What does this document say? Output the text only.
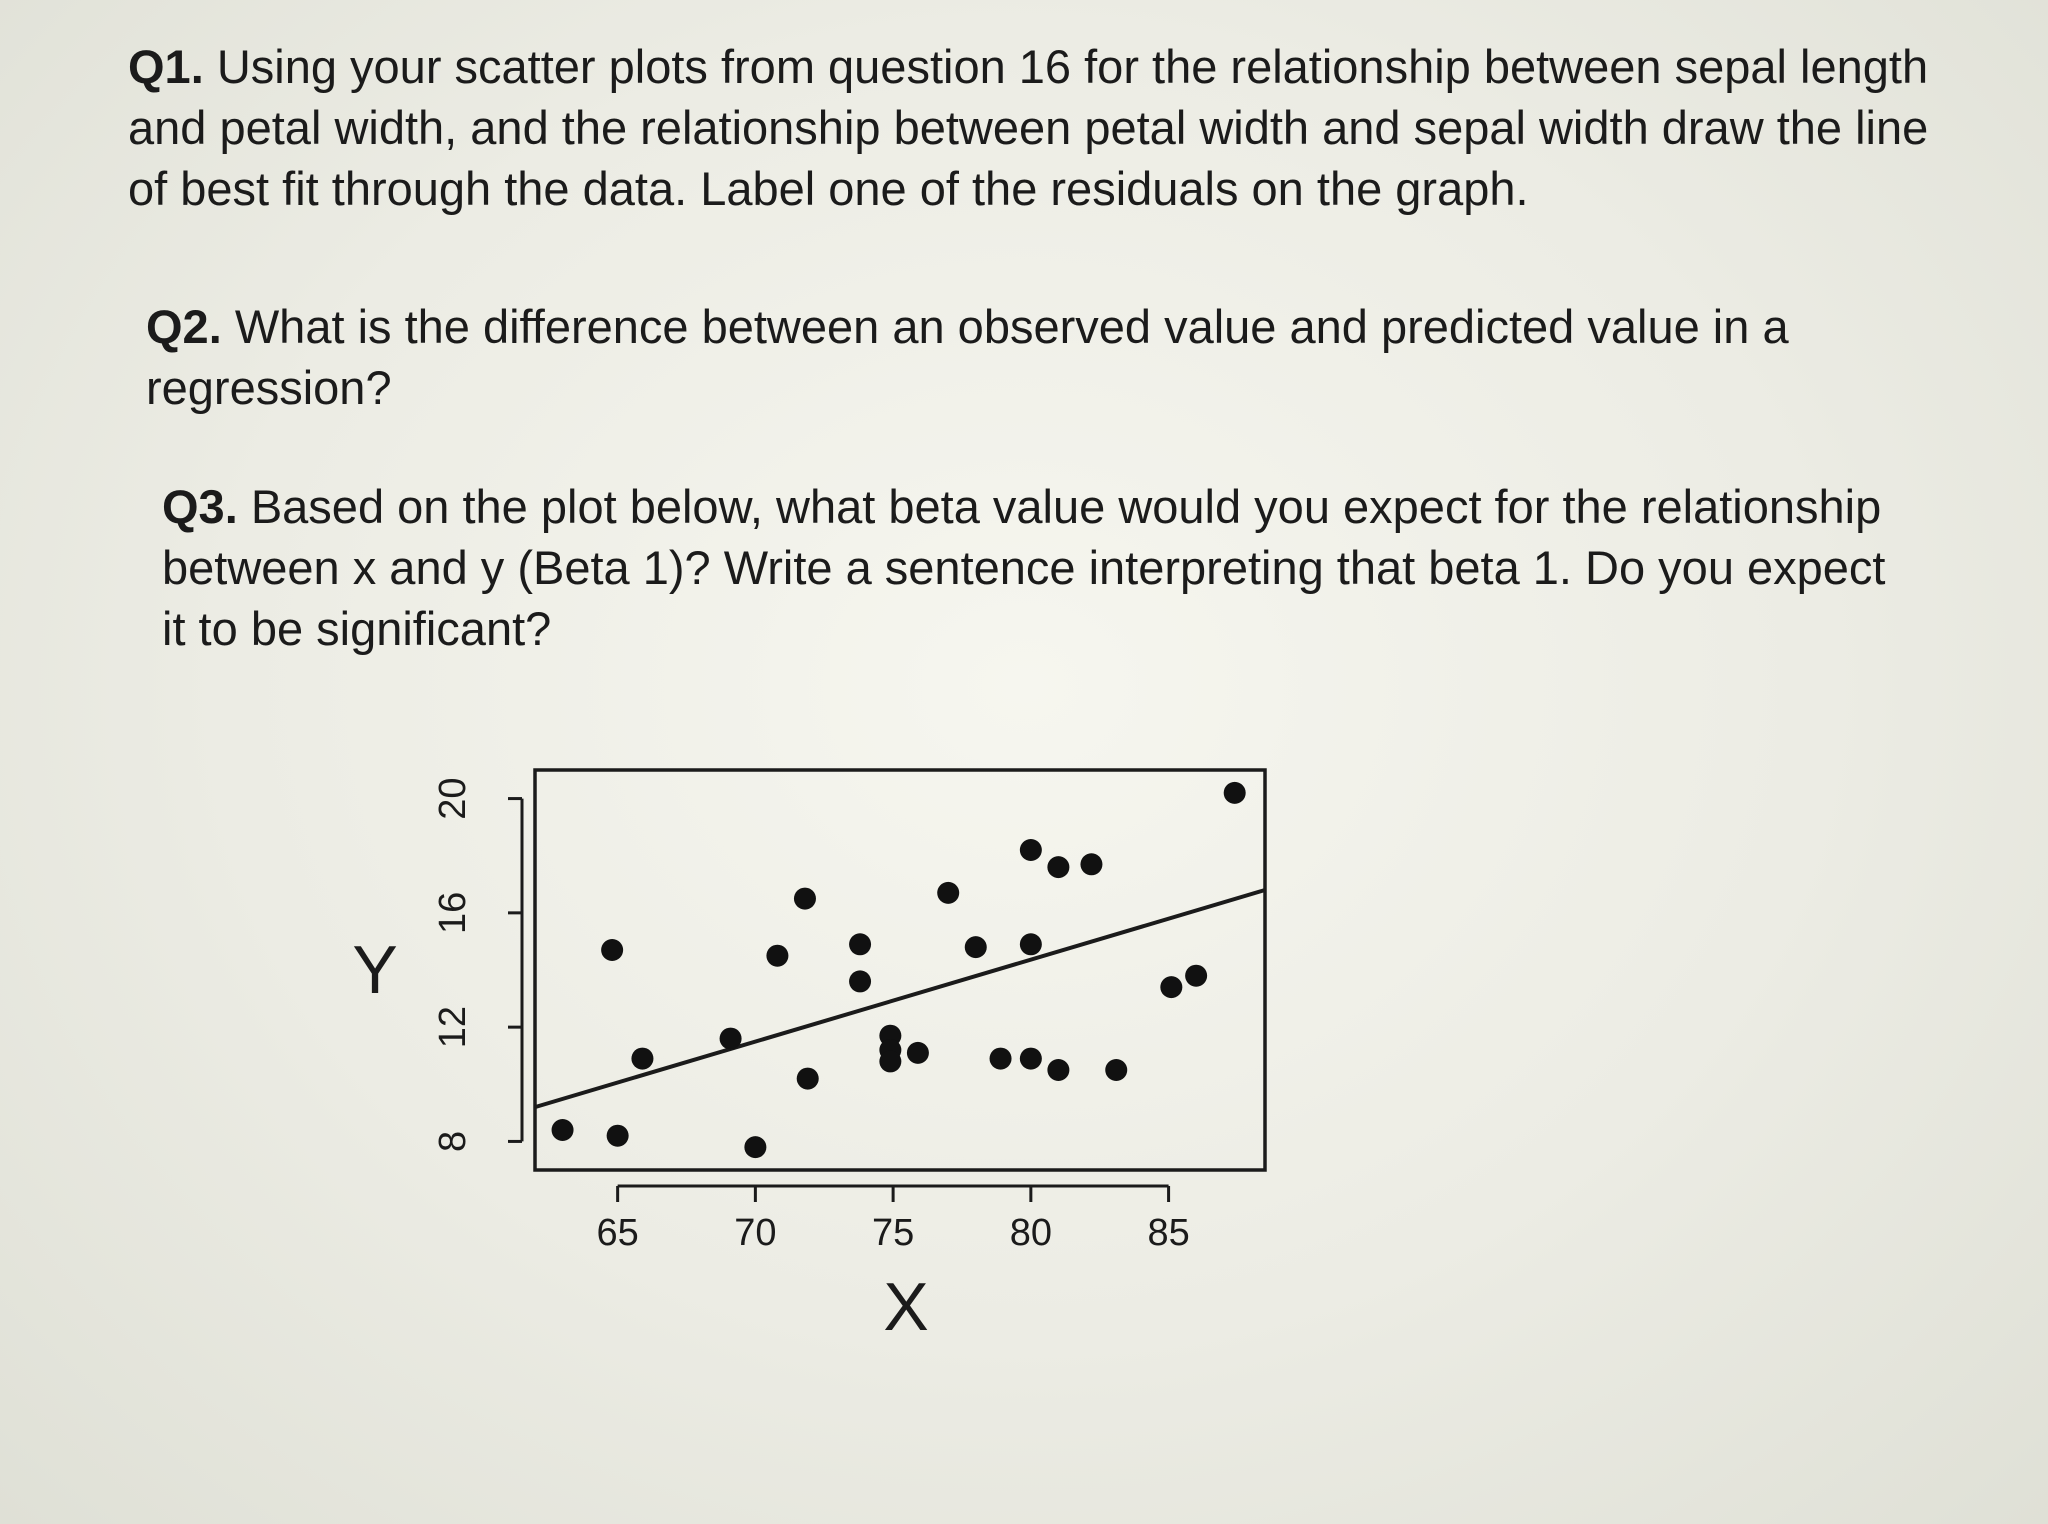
Q1. Using your scatter plots from question 16 for the relationship between sepal length and petal width, and the relationship between petal width and sepal width draw the line of best fit through the data. Label one of the residuals on the graph.
Q2. What is the difference between an observed value and predicted value in a regression?
Q3. Based on the plot below, what beta value would you expect for the relationship between x and y (Beta 1)? Write a sentence interpreting that beta 1. Do you expect it to be significant?
8
12
16
20
65	70	75	80	85
Y
X
